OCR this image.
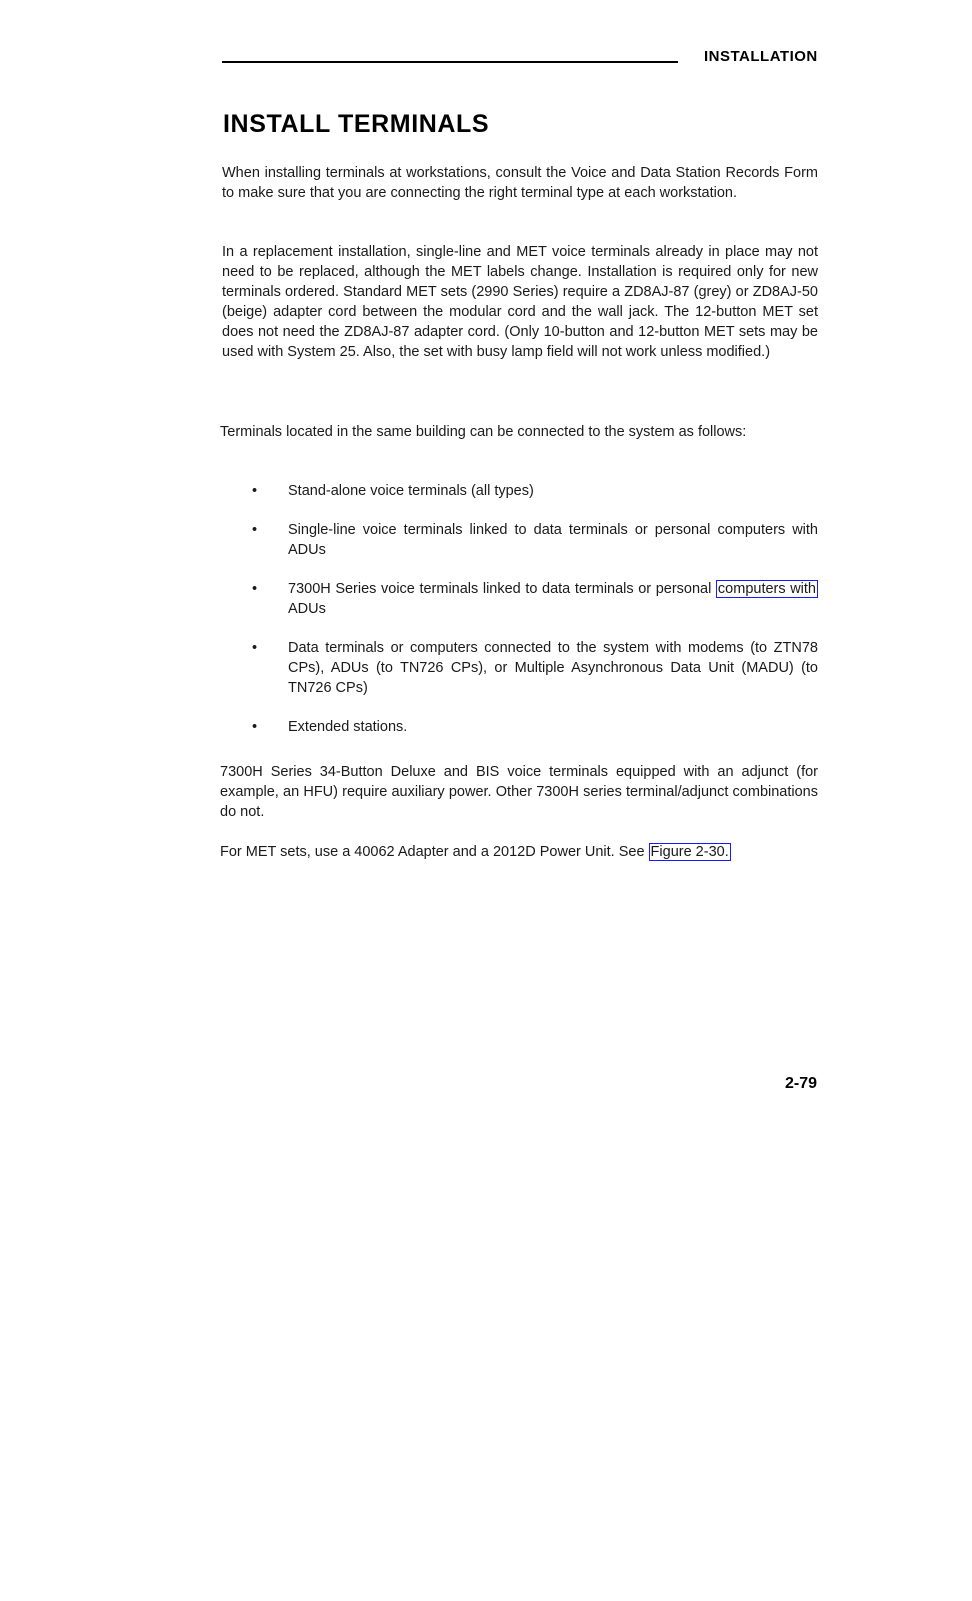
INSTALLATION
INSTALL TERMINALS

When installing terminals at workstations, consult the Voice and Data Station Records Form to make sure that you are connecting the right terminal type at each workstation.

In a replacement installation, single-line and MET voice terminals already in place may not need to be replaced, although the MET labels change. Installation is required only for new terminals ordered. Standard MET sets (2990 Series) require a ZD8AJ-87 (grey) or ZD8AJ-50 (beige) adapter cord between the modular cord and the wall jack. The 12-button MET set does not need the ZD8AJ-87 adapter cord. (Only 10-button and 12-button MET sets may be used with System 25. Also, the set with busy lamp field will not work unless modified.)

Terminals located in the same building can be connected to the system as follows:

•	Stand-alone voice terminals (all types)
•	Single-line voice terminals linked to data terminals or personal computers with ADUs
•	7300H Series voice terminals linked to data terminals or personal computers with ADUs
•	Data terminals or computers connected to the system with modems (to ZTN78 CPs), ADUs (to TN726 CPs), or Multiple Asynchronous Data Unit (MADU) (to TN726 CPs)
•	Extended stations.

7300H Series 34-Button Deluxe and BIS voice terminals equipped with an adjunct (for example, an HFU) require auxiliary power. Other 7300H series terminal/adjunct combinations do not.

For MET sets, use a 40062 Adapter and a 2012D Power Unit. See Figure 2-30.

2-79
